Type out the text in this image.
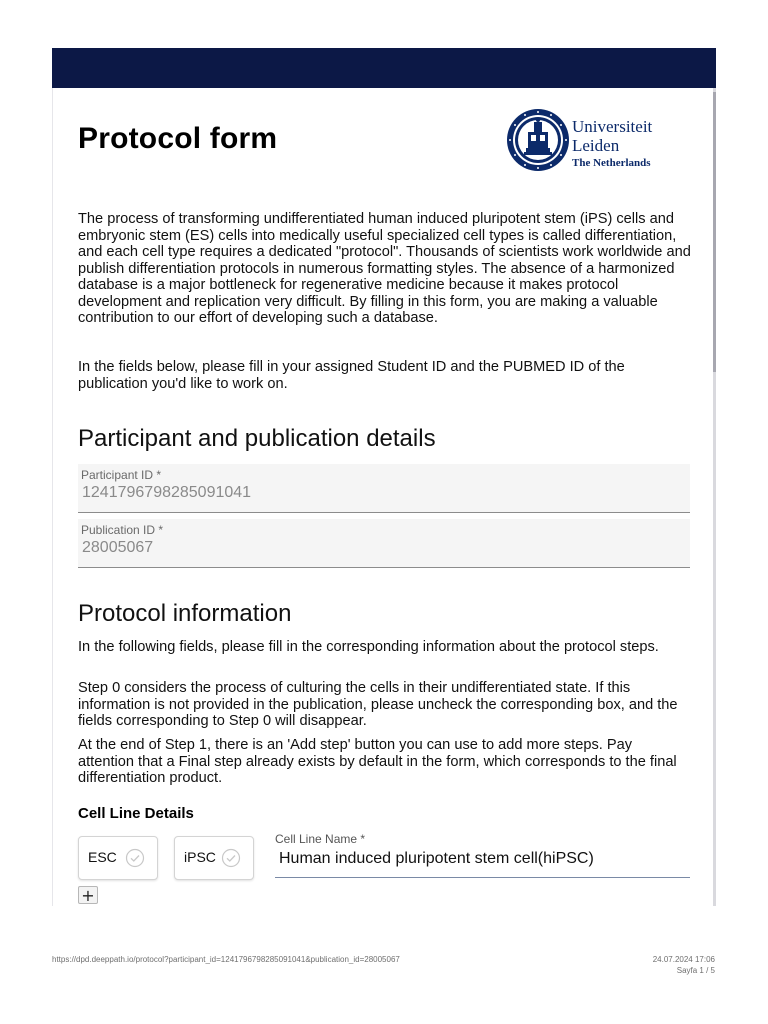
Protocol form	Universiteit
Leiden
The Netherlands

The process of transforming undifferentiated human induced pluripotent stem (iPS) cells and embryonic stem (ES) cells into medically useful specialized cell types is called differentiation, and each cell type requires a dedicated "protocol". Thousands of scientists work worldwide and publish differentiation protocols in numerous formatting styles. The absence of a harmonized database is a major bottleneck for regenerative medicine because it makes protocol development and replication very difficult. By filling in this form, you are making a valuable contribution to our effort of developing such a database.

In the fields below, please fill in your assigned Student ID and the PUBMED ID of the publication you'd like to work on.

Participant and publication details
Participant ID *
1241796798285091041
Publication ID *
28005067
Protocol information

In the following fields, please fill in the corresponding information about the protocol steps.

Step 0 considers the process of culturing the cells in their undifferentiated state. If this information is not provided in the publication, please uncheck the corresponding box, and the fields corresponding to Step 0 will disappear.

At the end of Step 1, there is an 'Add step' button you can use to add more steps. Pay attention that a Final step already exists by default in the form, which corresponds to the final differentiation product.

Cell Line Details
ESC	iPSC
Cell Line Name *
Human induced pluripotent stem cell(hiPSC)
+
https://dpd.deeppath.io/protocol?participant_id=1241796798285091041&publication_id=28005067	24.07.2024 17:06
Sayfa 1 / 5
